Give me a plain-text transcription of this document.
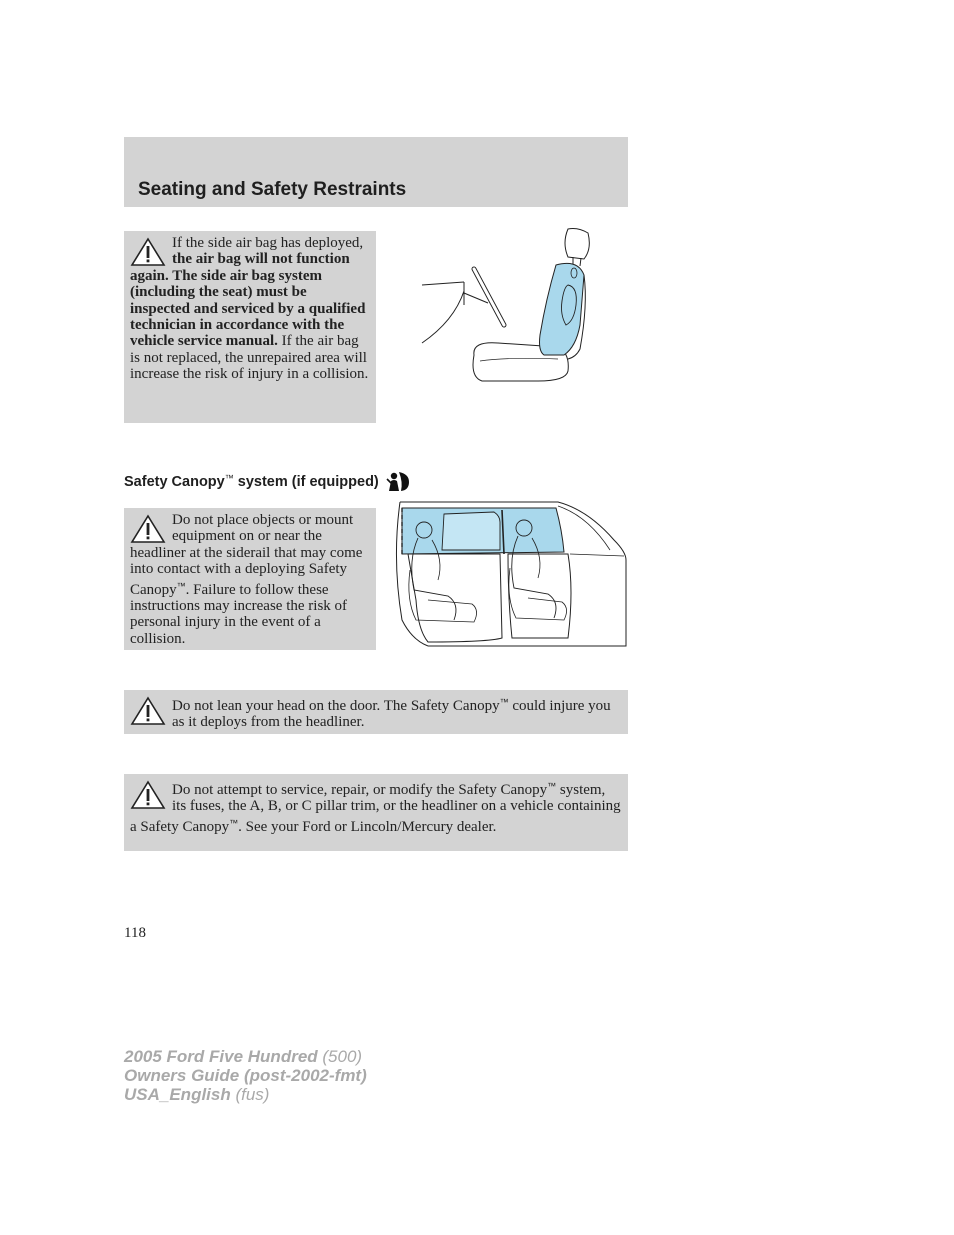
Seating and Safety Restraints

If the side air bag has deployed, the air bag will not function again. The side air bag system (including the seat) must be inspected and serviced by a qualified technician in accordance with the vehicle service manual. If the air bag is not replaced, the unrepaired area will increase the risk of injury in a collision.

Safety Canopy™ system (if equipped)

Do not place objects or mount equipment on or near the headliner at the siderail that may come into contact with a deploying Safety Canopy™. Failure to follow these instructions may increase the risk of personal injury in the event of a collision.

Do not lean your head on the door. The Safety Canopy™ could injure you as it deploys from the headliner.

Do not attempt to service, repair, or modify the Safety Canopy™ system, its fuses, the A, B, or C pillar trim, or the headliner on a vehicle containing a Safety Canopy™. See your Ford or Lincoln/Mercury dealer.

118
2005 Ford Five Hundred (500)
Owners Guide (post-2002-fmt)
USA_English (fus)
